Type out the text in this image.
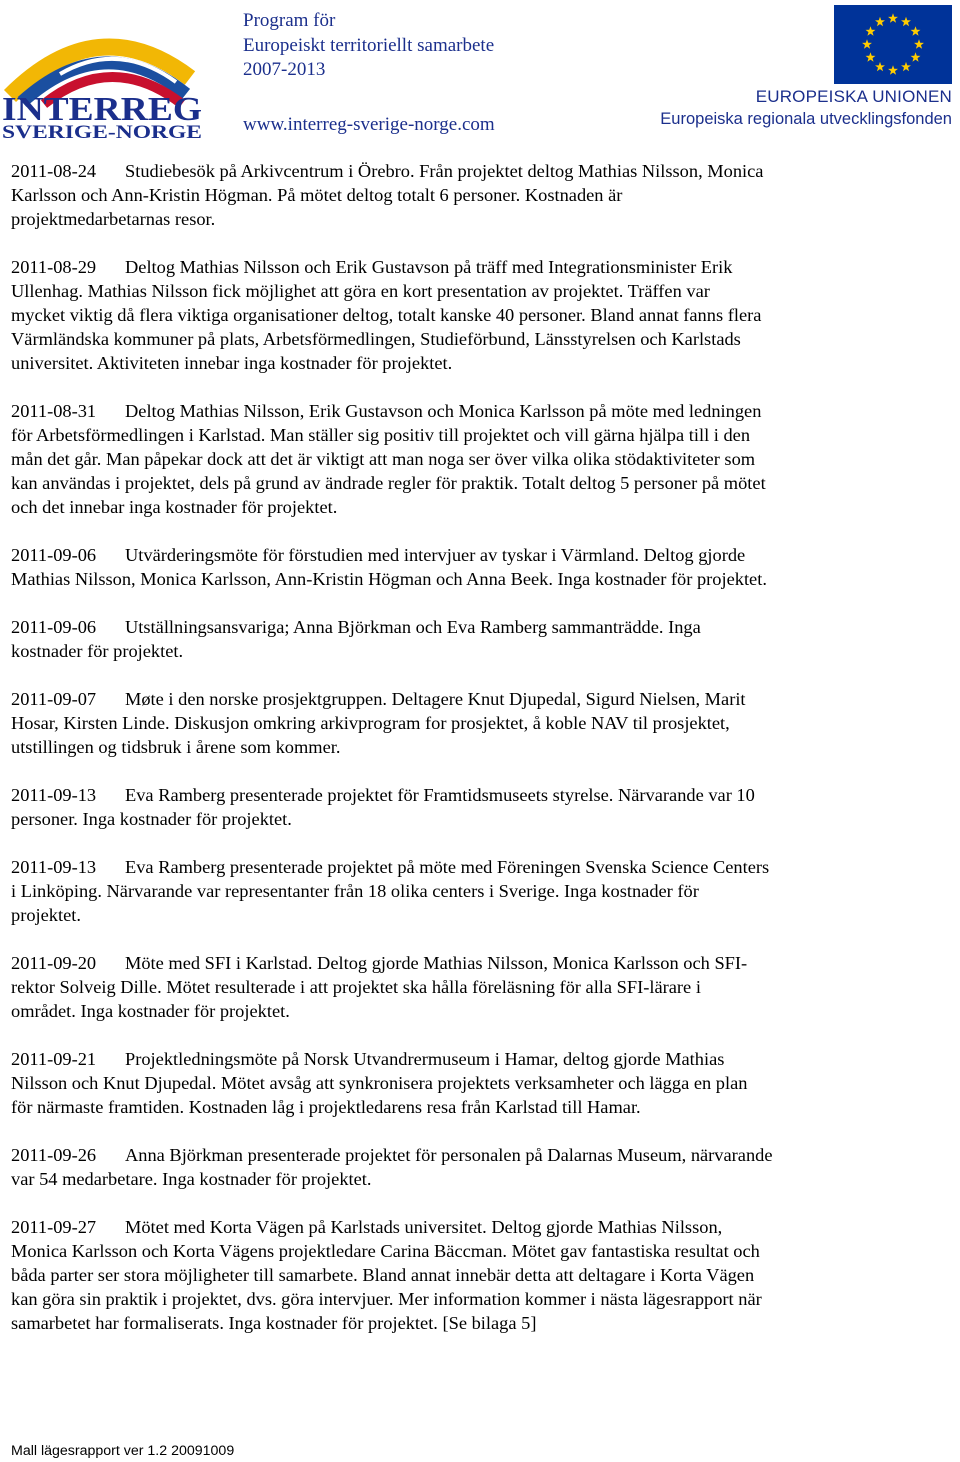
INTERREG
SVERIGE-NORGE
Program för
Europeiskt territoriellt samarbete
2007-2013
www.interreg-sverige-norge.com
EUROPEISKA UNIONEN
Europeiska regionala utvecklingsfonden
2011-08-24 Studiebesök på Arkivcentrum i Örebro. Från projektet deltog Mathias Nilsson, Monica
Karlsson och Ann-Kristin Högman. På mötet deltog totalt 6 personer. Kostnaden är
projektmedarbetarnas resor.
2011-08-29 Deltog Mathias Nilsson och Erik Gustavson på träff med Integrationsminister Erik
Ullenhag. Mathias Nilsson fick möjlighet att göra en kort presentation av projektet. Träffen var
mycket viktig då flera viktiga organisationer deltog, totalt kanske 40 personer. Bland annat fanns flera
Värmländska kommuner på plats, Arbetsförmedlingen, Studieförbund, Länsstyrelsen och Karlstads
universitet. Aktiviteten innebar inga kostnader för projektet.
2011-08-31 Deltog Mathias Nilsson, Erik Gustavson och Monica Karlsson på möte med ledningen
för Arbetsförmedlingen i Karlstad. Man ställer sig positiv till projektet och vill gärna hjälpa till i den
mån det går. Man påpekar dock att det är viktigt att man noga ser över vilka olika stödaktiviteter som
kan användas i projektet, dels på grund av ändrade regler för praktik. Totalt deltog 5 personer på mötet
och det innebar inga kostnader för projektet.
2011-09-06 Utvärderingsmöte för förstudien med intervjuer av tyskar i Värmland. Deltog gjorde
Mathias Nilsson, Monica Karlsson, Ann-Kristin Högman och Anna Beek. Inga kostnader för projektet.
2011-09-06 Utställningsansvariga; Anna Björkman och Eva Ramberg sammanträdde. Inga
kostnader för projektet.
2011-09-07 Møte i den norske prosjektgruppen. Deltagere Knut Djupedal, Sigurd Nielsen, Marit
Hosar, Kirsten Linde. Diskusjon omkring arkivprogram for prosjektet, å koble NAV til prosjektet,
utstillingen og tidsbruk i årene som kommer.
2011-09-13 Eva Ramberg presenterade projektet för Framtidsmuseets styrelse. Närvarande var 10
personer. Inga kostnader för projektet.
2011-09-13 Eva Ramberg presenterade projektet på möte med Föreningen Svenska Science Centers
i Linköping. Närvarande var representanter från 18 olika centers i Sverige. Inga kostnader för
projektet.
2011-09-20 Möte med SFI i Karlstad. Deltog gjorde Mathias Nilsson, Monica Karlsson och SFI-
rektor Solveig Dille. Mötet resulterade i att projektet ska hålla föreläsning för alla SFI-lärare i
området. Inga kostnader för projektet.
2011-09-21 Projektledningsmöte på Norsk Utvandrermuseum i Hamar, deltog gjorde Mathias
Nilsson och Knut Djupedal. Mötet avsåg att synkronisera projektets verksamheter och lägga en plan
för närmaste framtiden. Kostnaden låg i projektledarens resa från Karlstad till Hamar.
2011-09-26 Anna Björkman presenterade projektet för personalen på Dalarnas Museum, närvarande
var 54 medarbetare. Inga kostnader för projektet.
2011-09-27 Mötet med Korta Vägen på Karlstads universitet. Deltog gjorde Mathias Nilsson,
Monica Karlsson och Korta Vägens projektledare Carina Bäccman. Mötet gav fantastiska resultat och
båda parter ser stora möjligheter till samarbete. Bland annat innebär detta att deltagare i Korta Vägen
kan göra sin praktik i projektet, dvs. göra intervjuer. Mer information kommer i nästa lägesrapport när
samarbetet har formaliserats. Inga kostnader för projektet. [Se bilaga 5]
Mall lägesrapport ver 1.2 20091009
